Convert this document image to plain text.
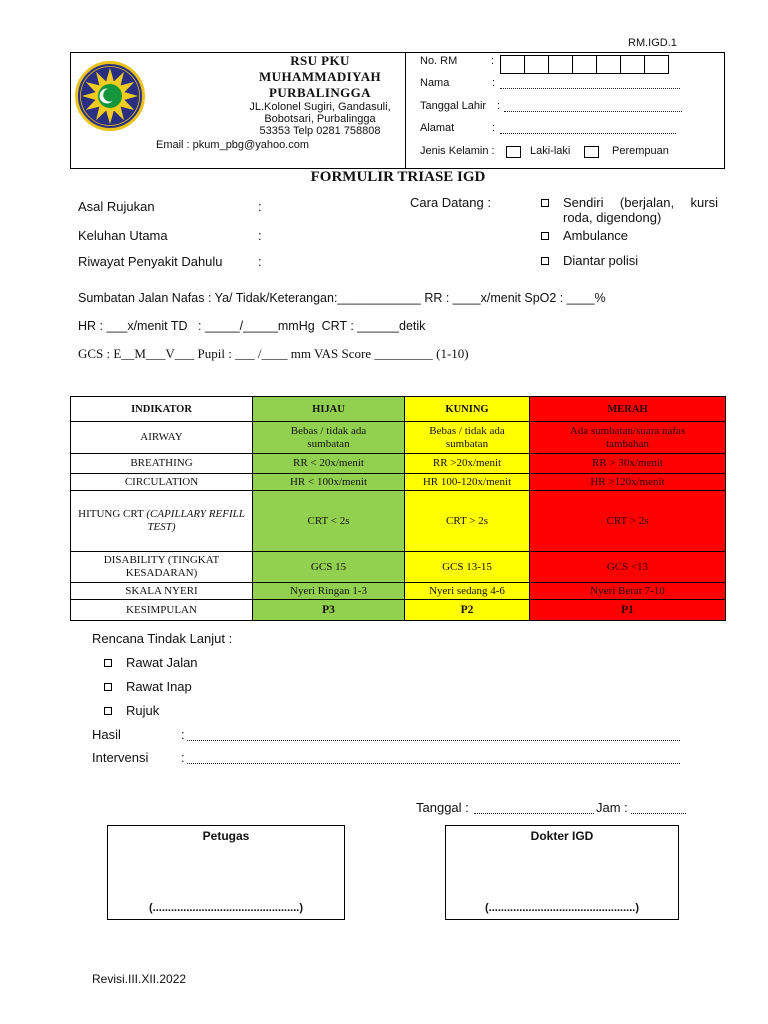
RM.IGD.1
RSU PKU
MUHAMMADIYAH
PURBALINGGA
JL.Kolonel Sugiri, Gandasuli,
Bobotsari, Purbalingga
53353 Telp 0281 758808
Email : pkum_pbg@yahoo.com
No. RM	:
Nama	:
Tanggal Lahir :
Alamat	:
Jenis Kelamin :	Laki-laki	Perempuan
FORMULIR TRIASE IGD
Asal Rujukan	:
Keluhan Utama	:
Riwayat Penyakit Dahulu	:
Cara Datang :	Sendiri (berjalan, kursi
roda, digendong)
Ambulance
Diantar polisi
Sumbatan Jalan Nafas : Ya/ Tidak/Keterangan:____________ RR : ____x/menit SpO2 : ____%
HR : ___x/menit TD   : _____/_____mmHg  CRT : ______detik
GCS : E__M___V___ Pupil : ___ /____ mm VAS Score _________ (1-10)
INDIKATOR	HIJAU	KUNING	MERAH
AIRWAY	Bebas / tidak ada sumbatan	Bebas / tidak ada sumbatan	Ada sumbatan/suara nafas tambahan
BREATHING	RR < 20x/menit	RR >20x/menit	RR > 30x/menit
CIRCULATION	HR < 100x/menit	HR 100-120x/menit	HR >120x/menit
HITUNG CRT (CAPILLARY REFILL TEST)	CRT < 2s	CRT > 2s	CRT > 2s
DISABILITY (TINGKAT KESADARAN)	GCS 15	GCS 13-15	GCS <13
SKALA NYERI	Nyeri Ringan 1-3	Nyeri sedang 4-6	Nyeri Berat 7-10
KESIMPULAN	P3	P2	P1
Rencana Tindak Lanjut :
Rawat Jalan
Rawat Inap
Rujuk
Hasil	:
Intervensi	:
Tanggal :	Jam :
Petugas
(................................................)
Dokter IGD
(................................................)
Revisi.III.XII.2022
